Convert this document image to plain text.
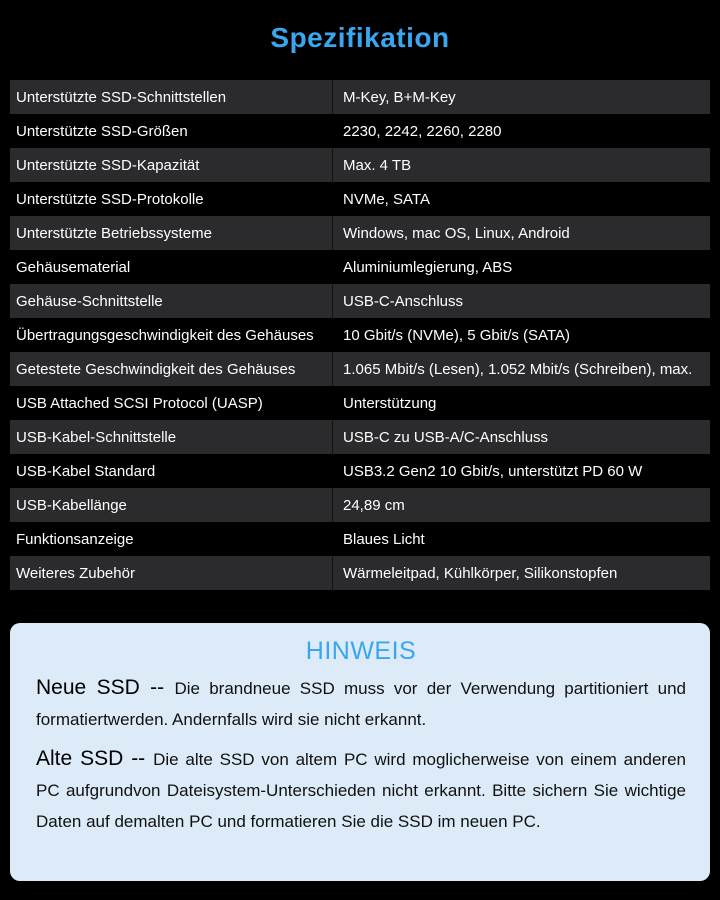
Spezifikation
Unterstützte SSD-Schnittstellen	M-Key, B+M-Key
Unterstützte SSD-Größen	2230, 2242, 2260, 2280
Unterstützte SSD-Kapazität	Max. 4 TB
Unterstützte SSD-Protokolle	NVMe, SATA
Unterstützte Betriebssysteme	Windows, mac OS, Linux, Android
Gehäusematerial	Aluminiumlegierung, ABS
Gehäuse-Schnittstelle	USB-C-Anschluss
Übertragungsgeschwindigkeit des Gehäuses	10 Gbit/s (NVMe), 5 Gbit/s (SATA)
Getestete Geschwindigkeit des Gehäuses	1.065 Mbit/s (Lesen), 1.052 Mbit/s (Schreiben), max.
USB Attached SCSI Protocol (UASP)	Unterstützung
USB-Kabel-Schnittstelle	USB-C zu USB-A/C-Anschluss
USB-Kabel Standard	USB3.2 Gen2 10 Gbit/s, unterstützt PD 60 W
USB-Kabellänge	24,89 cm
Funktionsanzeige	Blaues Licht
Weiteres Zubehör	Wärmeleitpad, Kühlkörper, Silikonstopfen
HINWEIS

Neue SSD -- Die brandneue SSD muss vor der Verwendung partitioniert und formatiertwerden. Andernfalls wird sie nicht erkannt.

Alte SSD -- Die alte SSD von altem PC wird moglicherweise von einem anderen PC aufgrundvon Dateisystem-Unterschieden nicht erkannt. Bitte sichern Sie wichtige Daten auf demalten PC und formatieren Sie die SSD im neuen PC.
